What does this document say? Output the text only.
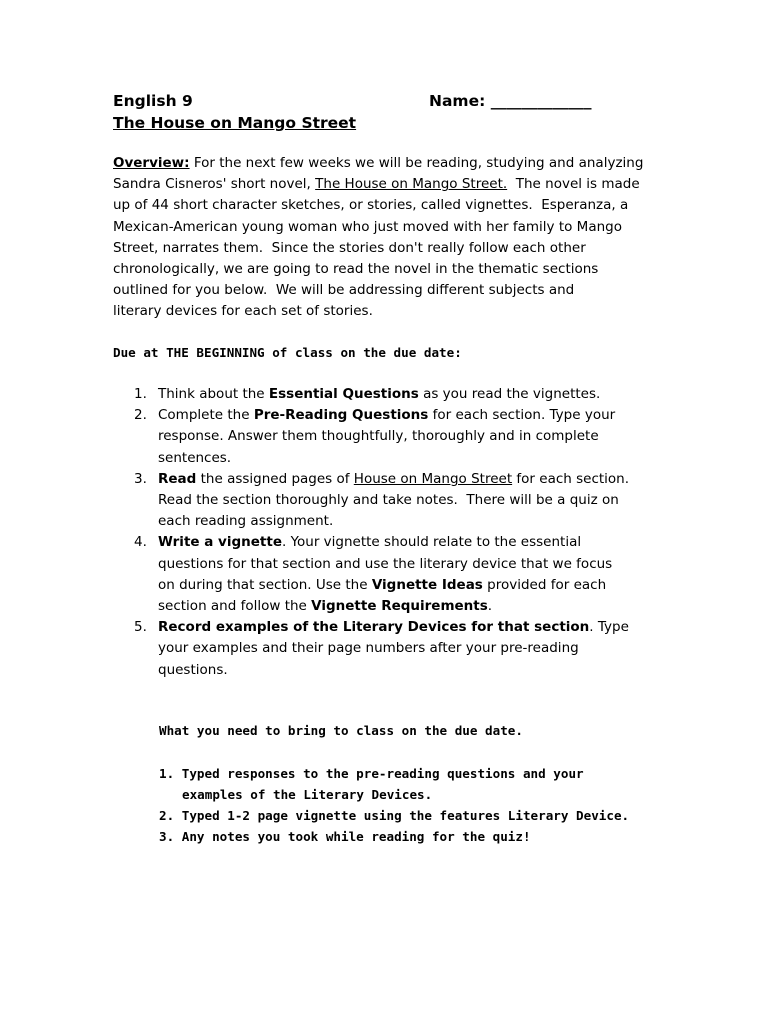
English 9	Name: _____________
The House on Mango Street
Overview: For the next few weeks we will be reading, studying and analyzing
Sandra Cisneros' short novel, The House on Mango Street.  The novel is made
up of 44 short character sketches, or stories, called vignettes.  Esperanza, a
Mexican-American young woman who just moved with her family to Mango
Street, narrates them.  Since the stories don't really follow each other
chronologically, we are going to read the novel in the thematic sections
outlined for you below.  We will be addressing different subjects and
literary devices for each set of stories.
Due at THE BEGINNING of class on the due date:
1. Think about the Essential Questions as you read the vignettes.
2. Complete the Pre-Reading Questions for each section. Type your
response. Answer them thoughtfully, thoroughly and in complete
sentences.
3. Read the assigned pages of House on Mango Street for each section.
Read the section thoroughly and take notes.  There will be a quiz on
each reading assignment.
4. Write a vignette. Your vignette should relate to the essential
questions for that section and use the literary device that we focus
on during that section. Use the Vignette Ideas provided for each
section and follow the Vignette Requirements.
5. Record examples of the Literary Devices for that section. Type
your examples and their page numbers after your pre-reading
questions.
What you need to bring to class on the due date.
1. Typed responses to the pre-reading questions and your
examples of the Literary Devices.
2. Typed 1-2 page vignette using the features Literary Device.
3. Any notes you took while reading for the quiz!
